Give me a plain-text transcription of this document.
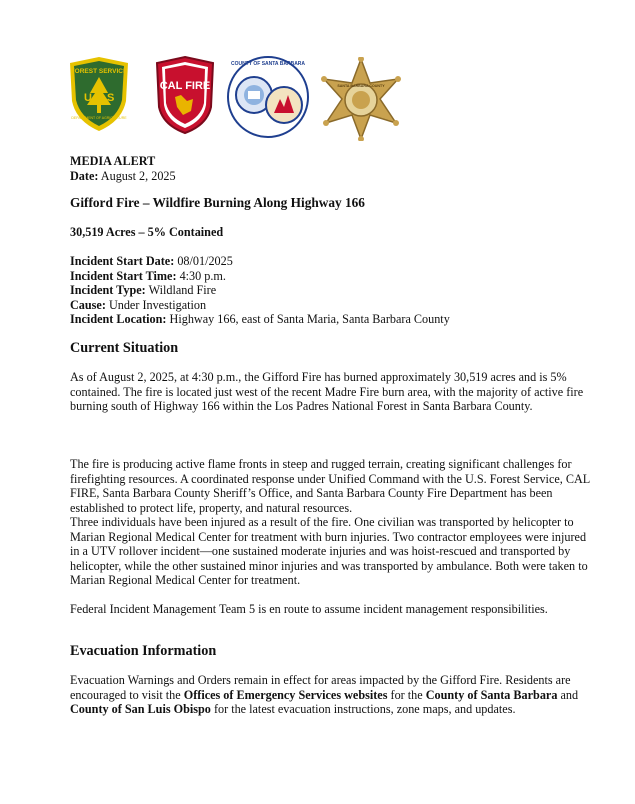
FOREST SERVICE
U S
DEPARTMENT OF AGRICULTURE
CAL FIRE
COUNTY OF SANTA BARBARA
SANTA BARBARA COUNTY
MEDIA ALERT
Date: August 2, 2025
Gifford Fire – Wildfire Burning Along Highway 166
30,519 Acres – 5% Contained
Incident Start Date: 08/01/2025
Incident Start Time: 4:30 p.m.
Incident Type: Wildland Fire
Cause: Under Investigation
Incident Location: Highway 166, east of Santa Maria, Santa Barbara County
Current Situation

As of August 2, 2025, at 4:30 p.m., the Gifford Fire has burned approximately 30,519 acres and is 5% contained. The fire is located just west of the recent Madre Fire burn area, with the majority of active fire burning south of Highway 166 within the Los Padres National Forest in Santa Barbara County.

The fire is producing active flame fronts in steep and rugged terrain, creating significant challenges for firefighting resources. A coordinated response under Unified Command with the U.S. Forest Service, CAL FIRE, Santa Barbara County Sheriff’s Office, and Santa Barbara County Fire Department has been established to protect life, property, and natural resources.

Three individuals have been injured as a result of the fire. One civilian was transported by helicopter to Marian Regional Medical Center for treatment with burn injuries. Two contractor employees were injured in a UTV rollover incident—one sustained moderate injuries and was hoist-rescued and transported by helicopter, while the other sustained minor injuries and was transported by ambulance. Both were taken to Marian Regional Medical Center for treatment.

Federal Incident Management Team 5 is en route to assume incident management responsibilities.

Evacuation Information

Evacuation Warnings and Orders remain in effect for areas impacted by the Gifford Fire. Residents are encouraged to visit the Offices of Emergency Services websites for the County of Santa Barbara and County of San Luis Obispo for the latest evacuation instructions, zone maps, and updates.
